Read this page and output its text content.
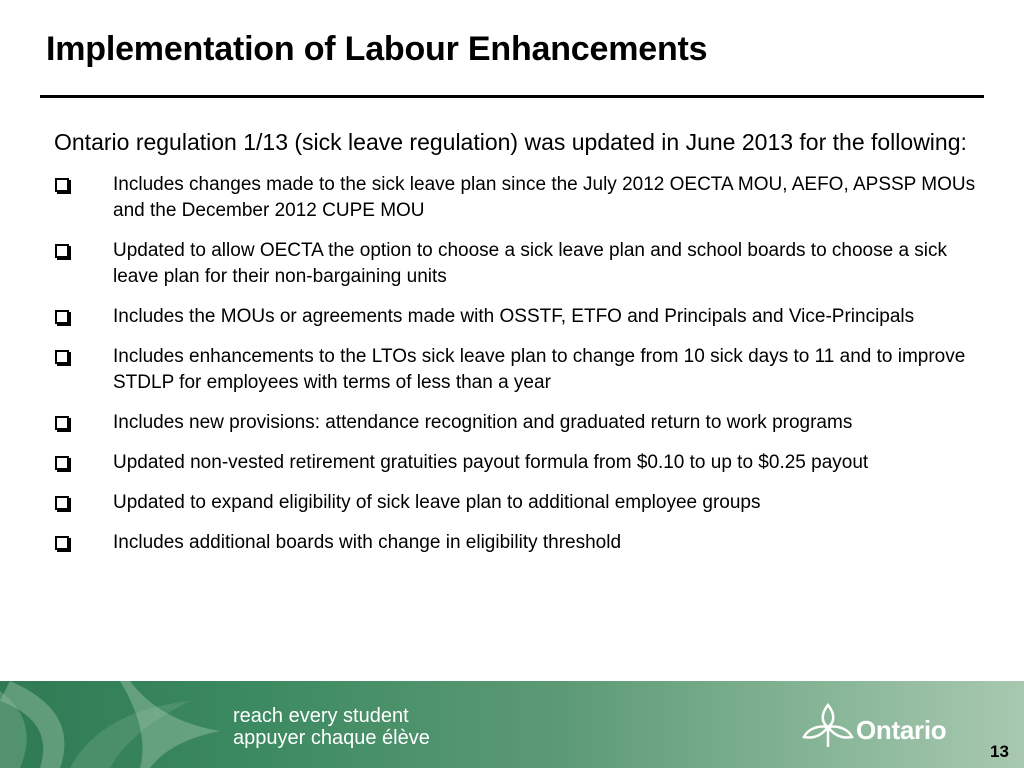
Implementation of Labour Enhancements

Ontario regulation 1/13 (sick leave regulation) was updated in June 2013 for the following:

Includes changes made to the sick leave plan since the July 2012 OECTA MOU, AEFO, APSSP MOUs and the December 2012 CUPE MOU
Updated to allow OECTA the option to choose a sick leave plan and school boards to choose a sick leave plan for their non-bargaining units
Includes the MOUs or agreements made with OSSTF, ETFO and Principals and Vice-Principals
Includes enhancements to the LTOs sick leave plan to change from 10 sick days to 11 and to improve STDLP for employees with terms of less than a year
Includes new provisions: attendance recognition and graduated return to work programs
Updated non-vested retirement gratuities payout formula from $0.10 to up to $0.25 payout
Updated to expand eligibility of sick leave plan to additional employee groups
Includes additional boards with change in eligibility threshold
reach every student
appuyer chaque élève	Ontario
13
